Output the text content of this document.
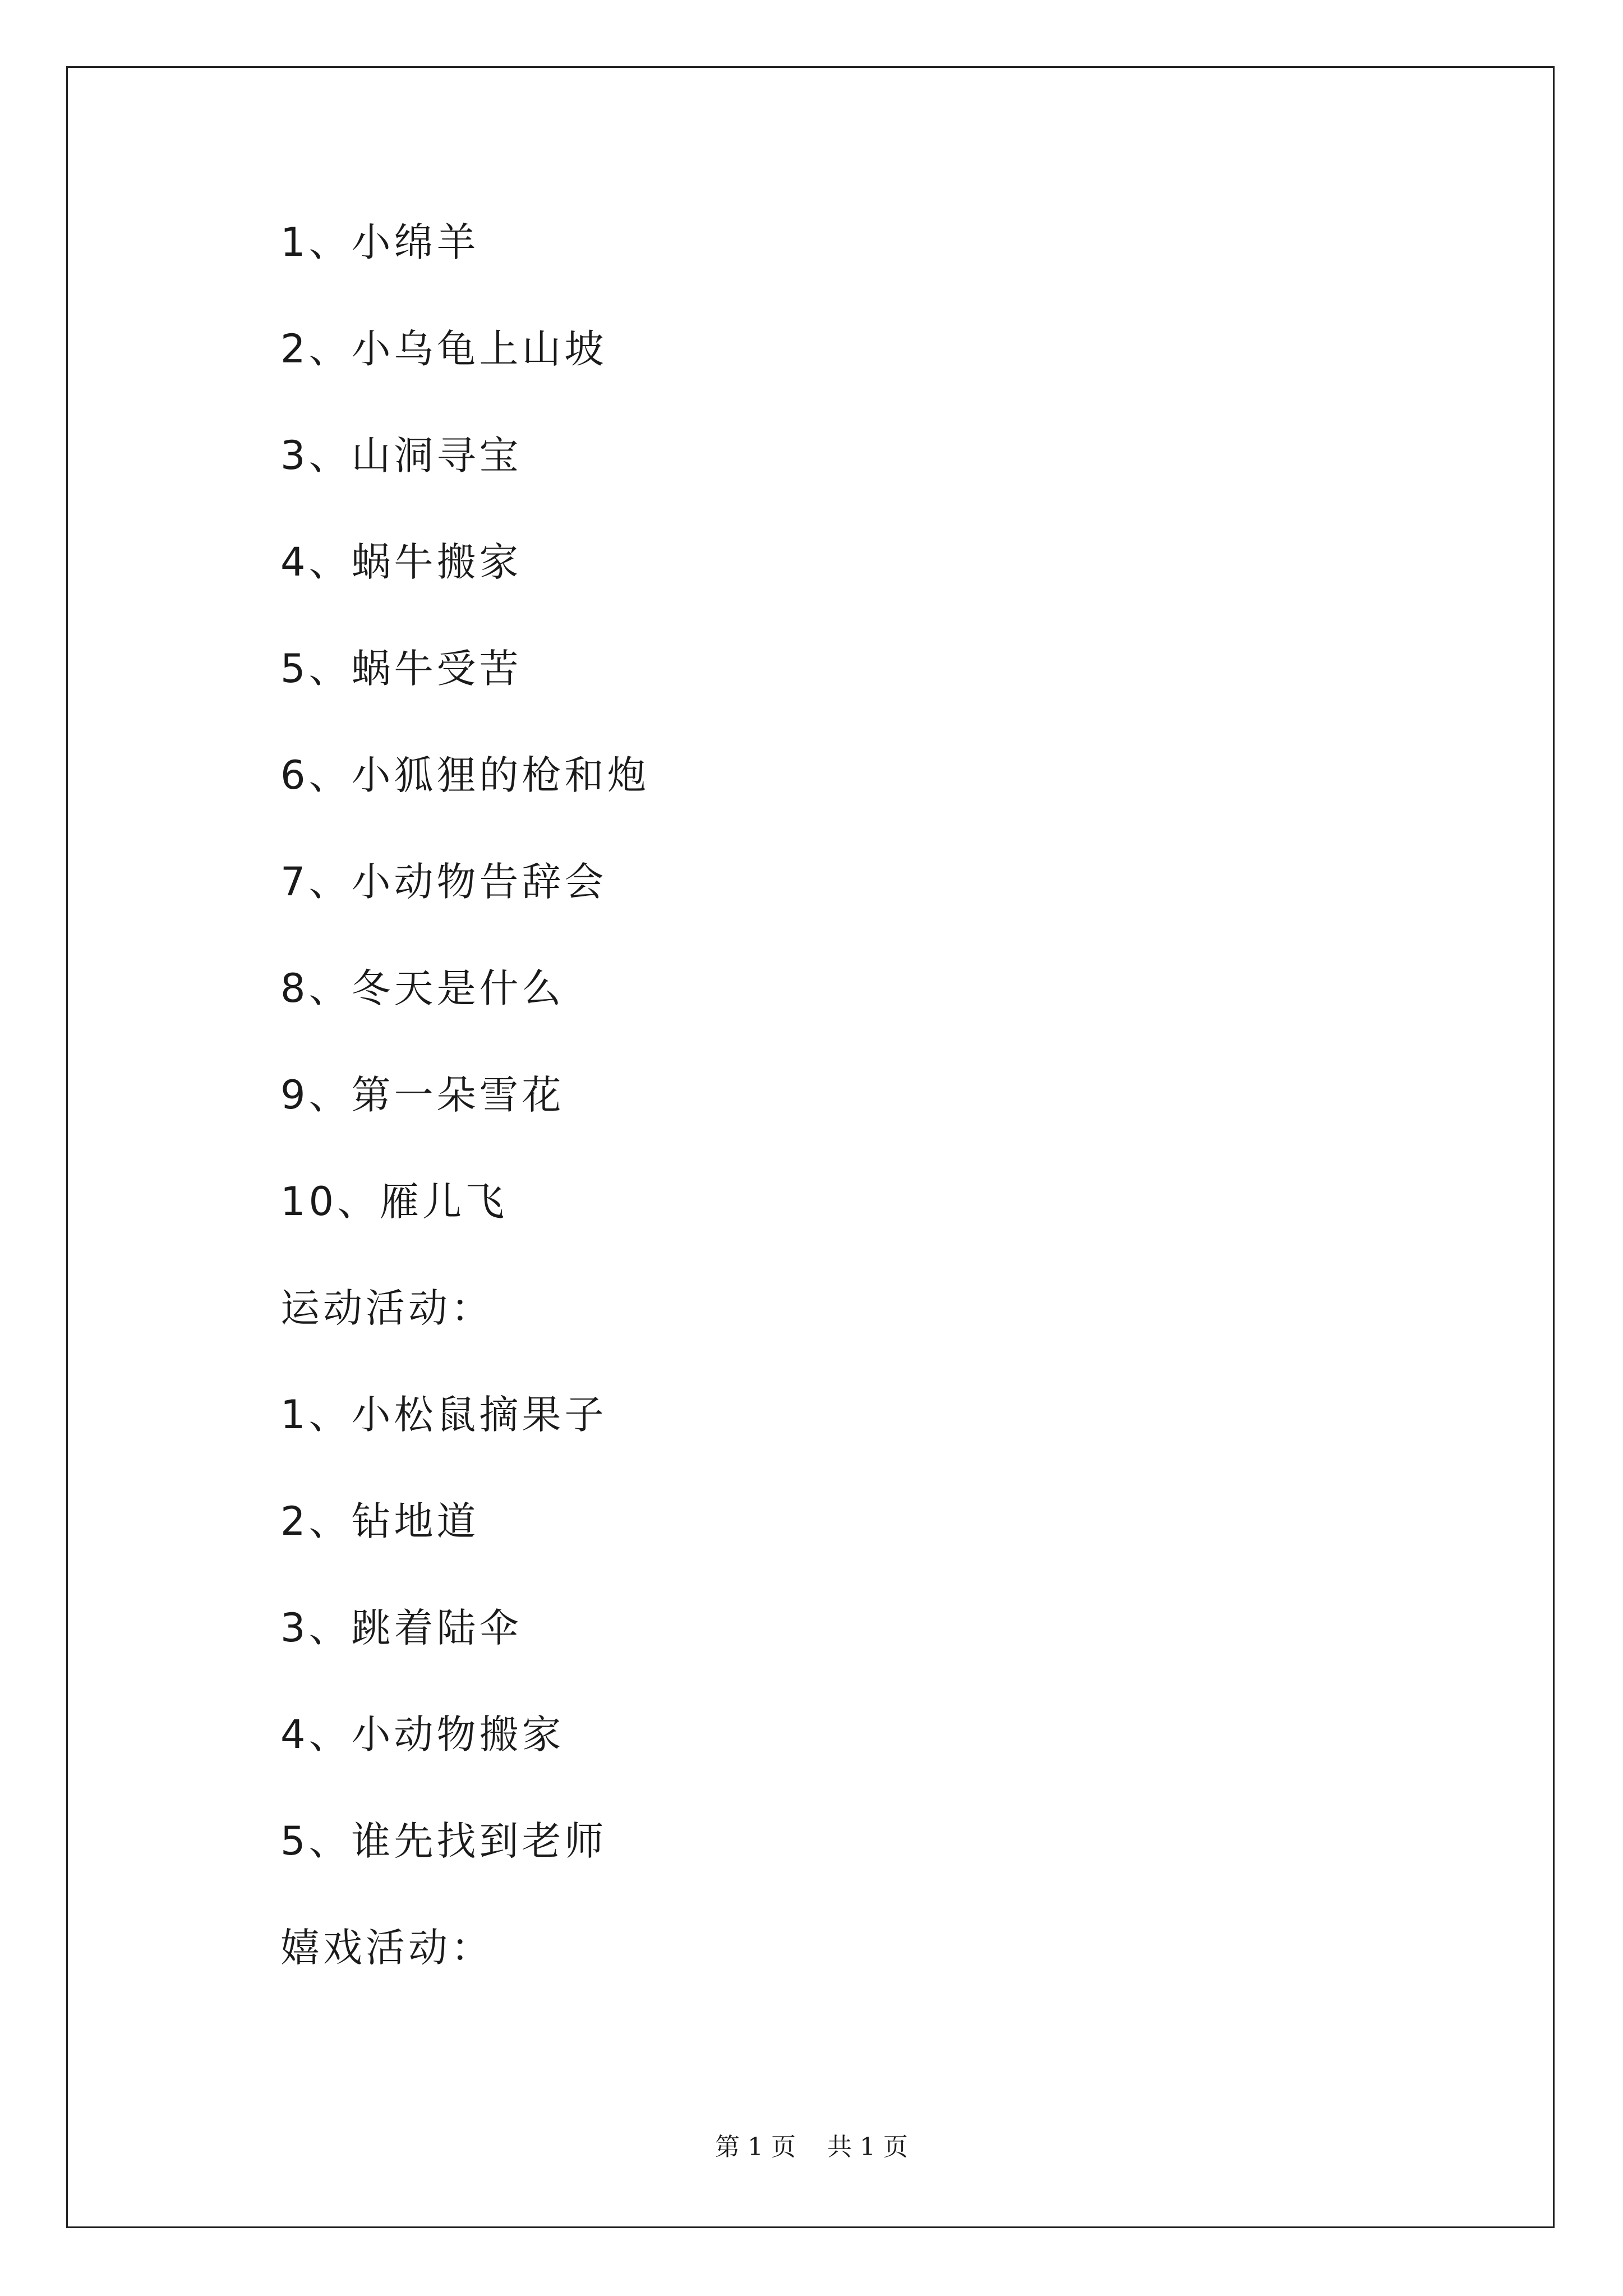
1、小绵羊
2、小乌龟上山坡
3、山洞寻宝
4、蜗牛搬家
5、蜗牛受苦
6、小狐狸的枪和炮
7、小动物告辞会
8、冬天是什么
9、第一朵雪花
10、雁儿飞
运动活动：
1、小松鼠摘果子
2、钻地道
3、跳着陆伞
4、小动物搬家
5、谁先找到老师
嬉戏活动：
第 1 页    共 1 页
